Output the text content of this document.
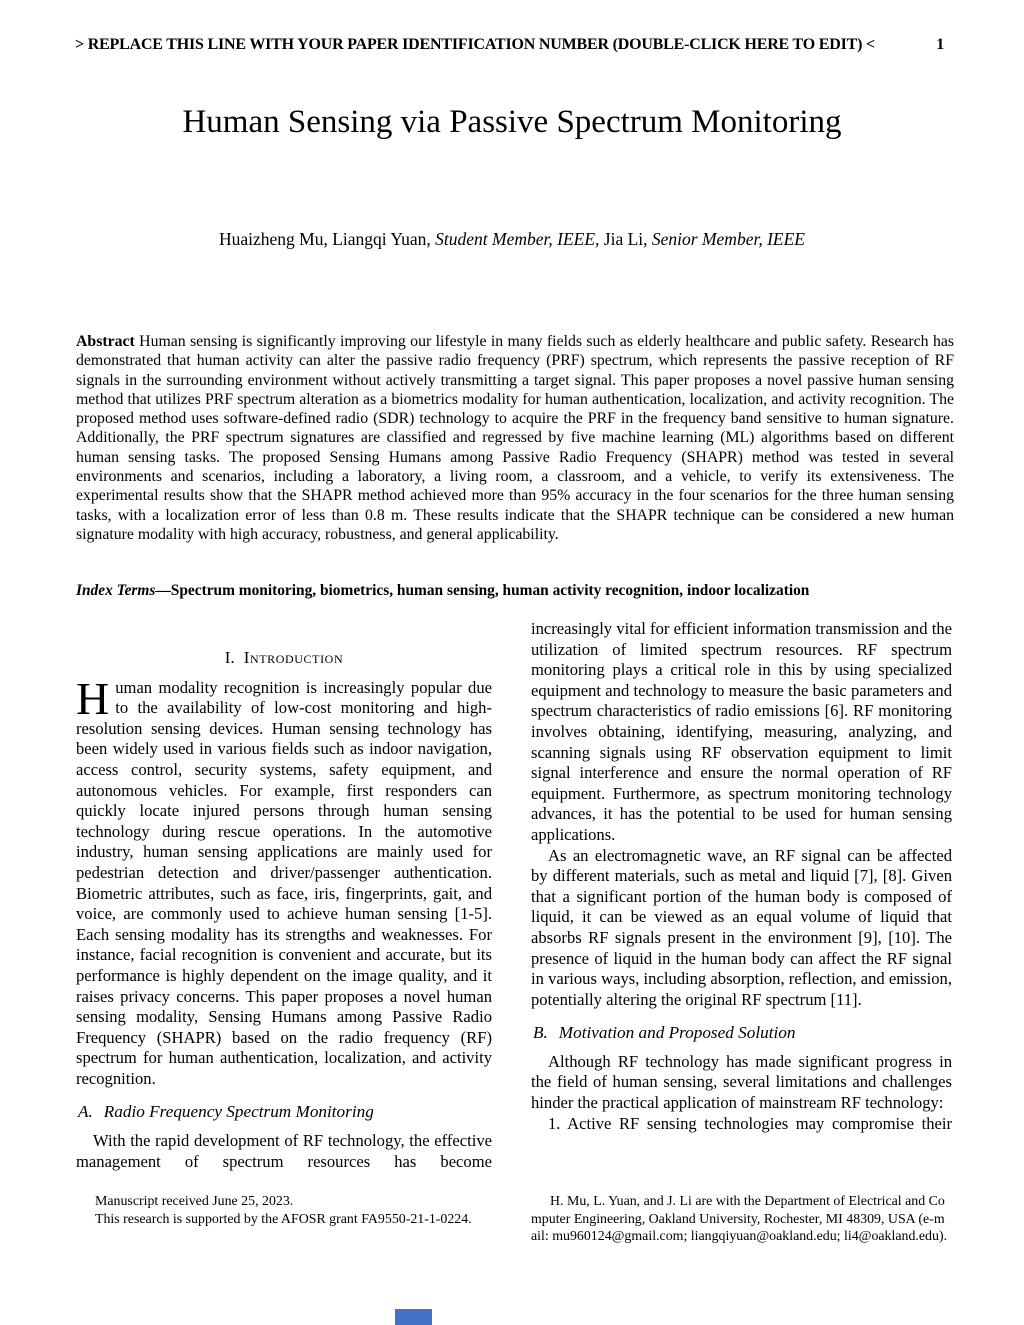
> REPLACE THIS LINE WITH YOUR PAPER IDENTIFICATION NUMBER (DOUBLE-CLICK HERE TO EDIT) <	1
Human Sensing via Passive Spectrum Monitoring
Huaizheng Mu, Liangqi Yuan, Student Member, IEEE, Jia Li, Senior Member, IEEE
Abstract Human sensing is significantly improving our lifestyle in many fields such as elderly healthcare and public safety. Research has demonstrated that human activity can alter the passive radio frequency (PRF) spectrum, which represents the passive reception of RF signals in the surrounding environment without actively transmitting a target signal. This paper proposes a novel passive human sensing method that utilizes PRF spectrum alteration as a biometrics modality for human authentication, localization, and activity recognition. The proposed method uses software-defined radio (SDR) technology to acquire the PRF in the frequency band sensitive to human signature. Additionally, the PRF spectrum signatures are classified and regressed by five machine learning (ML) algorithms based on different human sensing tasks. The proposed Sensing Humans among Passive Radio Frequency (SHAPR) method was tested in several environments and scenarios, including a laboratory, a living room, a classroom, and a vehicle, to verify its extensiveness. The experimental results show that the SHAPR method achieved more than 95% accuracy in the four scenarios for the three human sensing tasks, with a localization error of less than 0.8 m. These results indicate that the SHAPR technique can be considered a new human signature modality with high accuracy, robustness, and general applicability.
Index Terms—Spectrum monitoring, biometrics, human sensing, human activity recognition, indoor localization
I. Introduction

Human modality recognition is increasingly popular due to the availability of low-cost monitoring and high-resolution sensing devices. Human sensing technology has been widely used in various fields such as indoor navigation, access control, security systems, safety equipment, and autonomous vehicles. For example, first responders can quickly locate injured persons through human sensing technology during rescue operations. In the automotive industry, human sensing applications are mainly used for pedestrian detection and driver/passenger authentication. Biometric attributes, such as face, iris, fingerprints, gait, and voice, are commonly used to achieve human sensing [1-5]. Each sensing modality has its strengths and weaknesses. For instance, facial recognition is convenient and accurate, but its performance is highly dependent on the image quality, and it raises privacy concerns. This paper proposes a novel human sensing modality, Sensing Humans among Passive Radio Frequency (SHAPR) based on the radio frequency (RF) spectrum for human authentication, localization, and activity recognition.

A. Radio Frequency Spectrum Monitoring

With the rapid development of RF technology, the effective management of spectrum resources has become

increasingly vital for efficient information transmission and the utilization of limited spectrum resources. RF spectrum monitoring plays a critical role in this by using specialized equipment and technology to measure the basic parameters and spectrum characteristics of radio emissions [6]. RF monitoring involves obtaining, identifying, measuring, analyzing, and scanning signals using RF observation equipment to limit signal interference and ensure the normal operation of RF equipment. Furthermore, as spectrum monitoring technology advances, it has the potential to be used for human sensing applications.

As an electromagnetic wave, an RF signal can be affected by different materials, such as metal and liquid [7], [8]. Given that a significant portion of the human body is composed of liquid, it can be viewed as an equal volume of liquid that absorbs RF signals present in the environment [9], [10]. The presence of liquid in the human body can affect the RF signal in various ways, including absorption, reflection, and emission, potentially altering the original RF spectrum [11].

B. Motivation and Proposed Solution

Although RF technology has made significant progress in the field of human sensing, several limitations and challenges hinder the practical application of mainstream RF technology:

1. Active RF sensing technologies may compromise their

Manuscript received June 25, 2023.
This research is supported by the AFOSR grant FA9550-21-1-0224.
H. Mu, L. Yuan, and J. Li are with the Department of Electrical and Co
mputer Engineering, Oakland University, Rochester, MI 48309, USA (e-m
ail: mu960124@gmail.com; liangqiyuan@oakland.edu; li4@oakland.edu).
